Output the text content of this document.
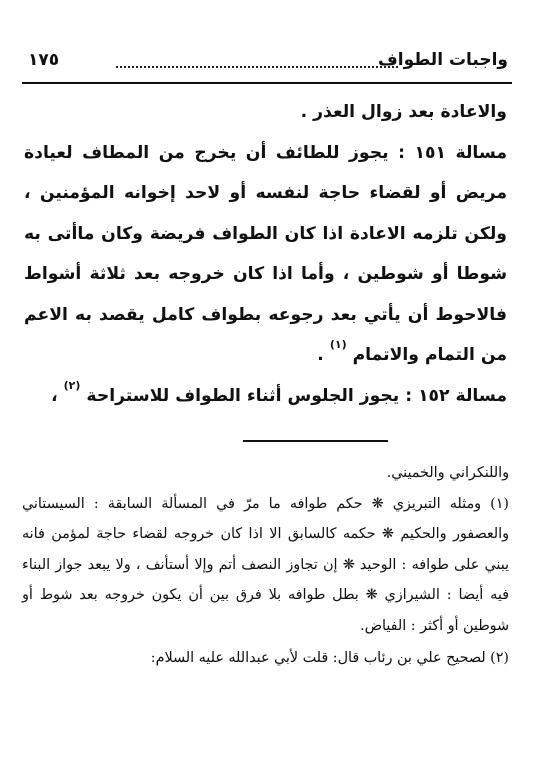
واجبات الطواف
١٧٥

والاعادة بعد زوال العذر .

مسالة ١٥١ : يجوز للطائف أن يخرج من المطاف لعيادة مريض أو لقضاء حاجة لنفسه أو لاحد إخوانه المؤمنين ، ولكن تلزمه الاعادة اذا كان الطواف فريضة وكان ماأتى به شوطا أو شوطين ، وأما اذا كان خروجه بعد ثلاثة أشواط فالاحوط أن يأتي بعد رجوعه بطواف كامل يقصد به الاعم من التمام والاتمام $^{(١)}$ .

مسالة ١٥٢ : يجوز الجلوس أثناء الطواف للاستراحة $^{(٢)}$ ،

واللنكراني والخميني.

(١) ومثله التبريزي ❋ حكم طوافه ما مرّ في المسألة السابقة : السيستاني والعصفور والحكيم ❋ حكمه كالسابق الا اذا كان خروجه لقضاء حاجة لمؤمن فانه يبني على طوافه : الوحيد ❋ إن تجاوز النصف أتم وإلا أستأنف ، ولا يبعد جواز البناء فيه أيضا : الشيرازي ❋ بطل طوافه بلا فرق بين أن يكون خروجه بعد شوط أو شوطين أو أكثر : الفياض.

(٢) لصحيح علي بن رئاب قال: قلت لأبي عبدالله عليه السلام:
